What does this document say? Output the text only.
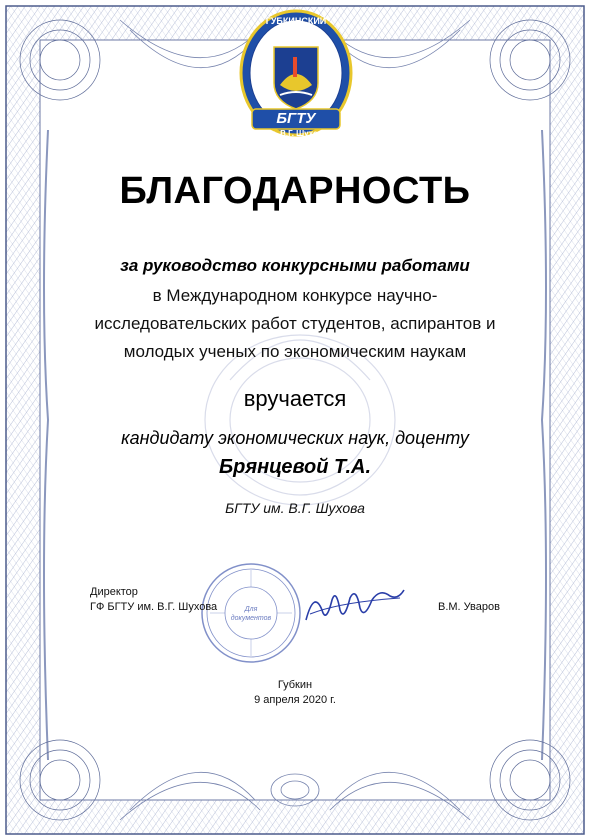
ГУБКИНСКИЙ ФИЛИАЛ
БГТУ
им. В.Г. Шухова
БЛАГОДАРНОСТЬ
за руководство конкурсными работами
в Международном конкурсе научно-
исследовательских работ студентов, аспирантов и
молодых ученых по экономическим наукам
вручается
кандидату экономических наук, доценту
Брянцевой Т.А.
БГТУ им. В.Г. Шухова
Для документов
Директор
ГФ БГТУ им. В.Г. Шухова	В.М. Уваров
Губкин
9 апреля 2020 г.
